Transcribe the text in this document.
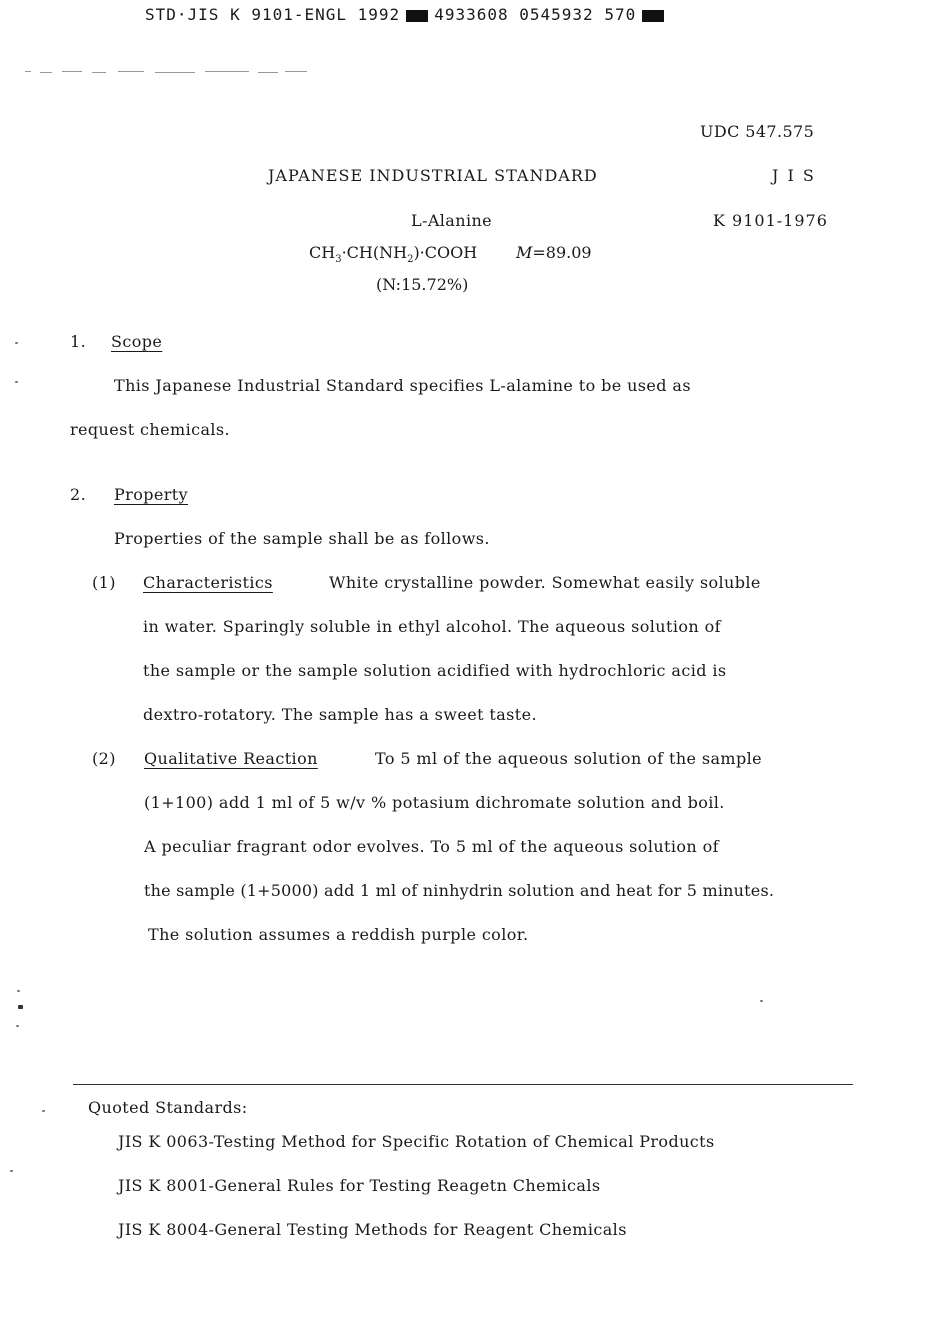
STD·JIS K 9101-ENGL 1992 4933608 0545932 570
UDC 547.575
JAPANESE INDUSTRIAL STANDARD	J I S
L-Alanine	K 9101-1976
$CH_3\cdot CH(NH_2)\cdot COOH$ M=89.09
(N:15.72%)
1. Scope
This Japanese Industrial Standard specifies L-alamine to be used as
request chemicals.
2. Property
Properties of the sample shall be as follows.
(1) Characteristics	White crystalline powder. Somewhat easily soluble
in water. Sparingly soluble in ethyl alcohol. The aqueous solution of
the sample or the sample solution acidified with hydrochloric acid is
dextro-rotatory. The sample has a sweet taste.
(2) Qualitative Reaction	To 5 ml of the aqueous solution of the sample
(1+100) add 1 ml of 5 w/v % potasium dichromate solution and boil.
A peculiar fragrant odor evolves. To 5 ml of the aqueous solution of
the sample (1+5000) add 1 ml of ninhydrin solution and heat for 5 minutes.
The solution assumes a reddish purple color.
Quoted Standards:
JIS K 0063-Testing Method for Specific Rotation of Chemical Products
JIS K 8001-General Rules for Testing Reagetn Chemicals
JIS K 8004-General Testing Methods for Reagent Chemicals
